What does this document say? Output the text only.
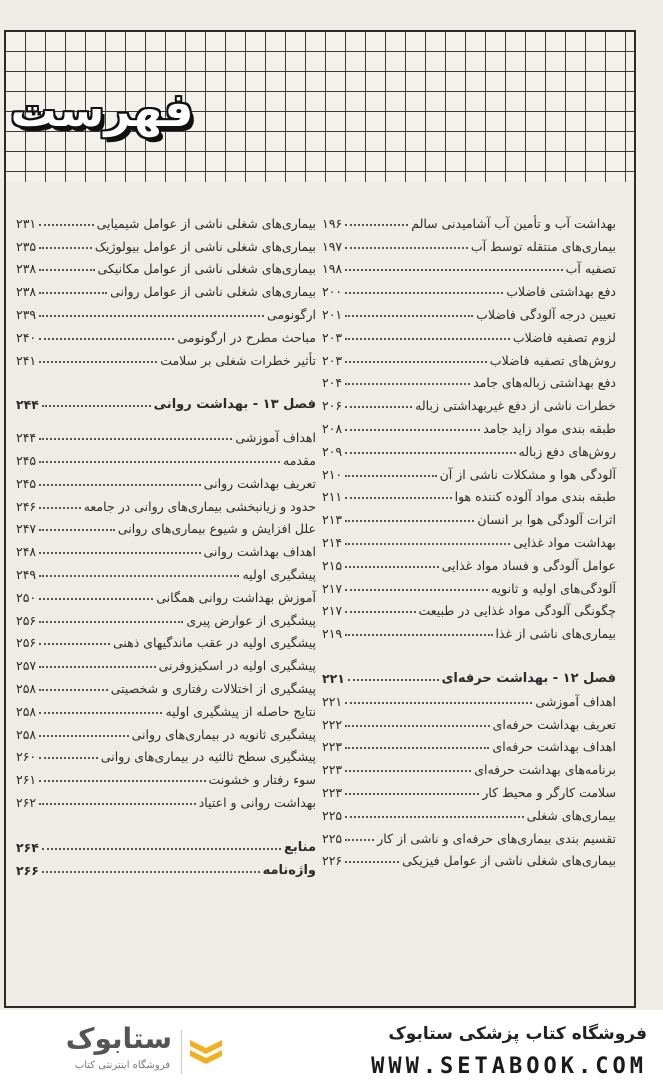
فهرست
بهداشت آب و تأمین آب آشامیدنی سالم
۱۹۶
بیماری‌های منتقله توسط آب
۱۹۷
تصفیه آب
۱۹۸
دفع بهداشتی فاضلاب
۲۰۰
تعیین درجه آلودگی فاضلاب
۲۰۱
لزوم تصفیه فاضلاب
۲۰۳
روش‌های تصفیه فاضلاب
۲۰۳
دفع بهداشتی زباله‌های جامد
۲۰۴
خطرات ناشی از دفع غیربهداشتی زباله
۲۰۶
طبقه بندی مواد زاید جامد
۲۰۸
روش‌های دفع زباله
۲۰۹
آلودگی هوا و مشکلات ناشی از آن
۲۱۰
طبقه بندی مواد آلوده کننده هوا
۲۱۱
اثرات آلودگی هوا بر انسان
۲۱۳
بهداشت مواد غذایی
۲۱۴
عوامل آلودگی و فساد مواد غذایی
۲۱۵
آلودگی‌های اولیه و ثانویه
۲۱۷
چگونگی آلودگی مواد غذایی در طبیعت
۲۱۷
بیماری‌های ناشی از غذا
۲۱۹
فصل ۱۲ - بهداشت حرفه‌ای
۲۲۱
اهداف آموزشی
۲۲۱
تعریف بهداشت حرفه‌ای
۲۲۲
اهداف بهداشت حرفه‌ای
۲۲۳
برنامه‌های بهداشت حرفه‌ای
۲۲۳
سلامت کارگر و محیط کار
۲۲۳
بیماری‌های شغلی
۲۲۵
تقسیم بندی بیماری‌های حرفه‌ای و ناشی از کار
۲۲۵
بیماری‌های شغلی ناشی از عوامل فیزیکی
۲۲۶
بیماری‌های شغلی ناشی از عوامل شیمیایی
۲۳۱
بیماری‌های شغلی ناشی از عوامل بیولوژیک
۲۳۵
بیماری‌های شغلی ناشی از عوامل مکانیکی
۲۳۸
بیماری‌های شغلی ناشی از عوامل روانی
۲۳۸
ارگونومی
۲۳۹
مباحث مطرح در ارگونومی
۲۴۰
تأثیر خطرات شغلی بر سلامت
۲۴۱
فصل ۱۳ - بهداشت روانی
۲۴۴
اهداف آموزشی
۲۴۴
مقدمه
۲۴۵
تعریف بهداشت روانی
۲۴۵
حدود و زیانبخشی بیماری‌های روانی در جامعه
۲۴۶
علل افزایش و شیوع بیماری‌های روانی
۲۴۷
اهداف بهداشت روانی
۲۴۸
پیشگیری اولیه
۲۴۹
آموزش بهداشت روانی همگانی
۲۵۰
پیشگیری از عوارض پیری
۲۵۶
پیشگیری اولیه در عقب ماندگیهای ذهنی
۲۵۶
پیشگیری اولیه در اسکیزوفرنی
۲۵۷
پیشگیری از اختلالات رفتاری و شخصیتی
۲۵۸
نتایج حاصله از پیشگیری اولیه
۲۵۸
پیشگیری ثانویه در بیماری‌های روانی
۲۵۸
پیشگیری سطح ثالثیه در بیماری‌های روانی
۲۶۰
سوء رفتار و خشونت
۲۶۱
بهداشت روانی و اعتیاد
۲۶۲
منابع
۲۶۴
واژه‌نامه
۲۶۶
ستابوک
فروشگاه اینترنتی کتاب
فروشگاه کتاب پزشکی ستابوک
WWW.SETABOOK.COM
